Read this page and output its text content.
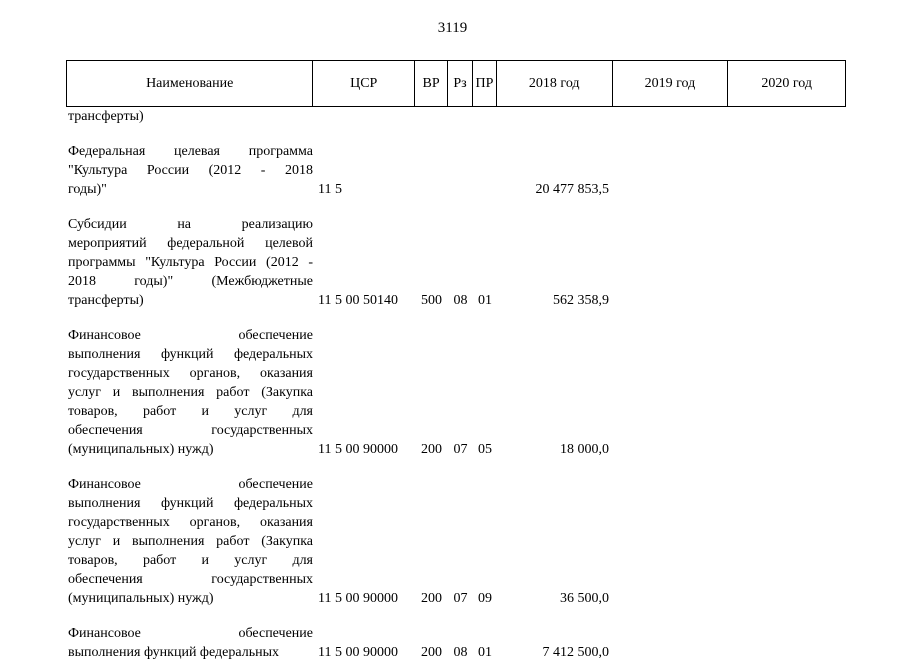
3119
Наименование	ЦСР	ВР Рз ПР	2018 год	2019 год	2020 год
трансферты)
Федеральная целевая программа
"Культура России (2012 - 2018
годы)"	11 5	20 477 853,5
Субсидии на реализацию
мероприятий федеральной целевой
программы "Культура России (2012 -
2018 годы)" (Межбюджетные
трансферты)	11 5 00 50140	500 08 01	562 358,9
Финансовое обеспечение
выполнения функций федеральных
государственных органов, оказания
услуг и выполнения работ (Закупка
товаров, работ и услуг для
обеспечения государственных
(муниципальных) нужд)	11 5 00 90000	200 07 05	18 000,0
Финансовое обеспечение
выполнения функций федеральных
государственных органов, оказания
услуг и выполнения работ (Закупка
товаров, работ и услуг для
обеспечения государственных
(муниципальных) нужд)	11 5 00 90000	200 07 09	36 500,0
Финансовое обеспечение
выполнения функций федеральных	11 5 00 90000	200 08 01	7 412 500,0
